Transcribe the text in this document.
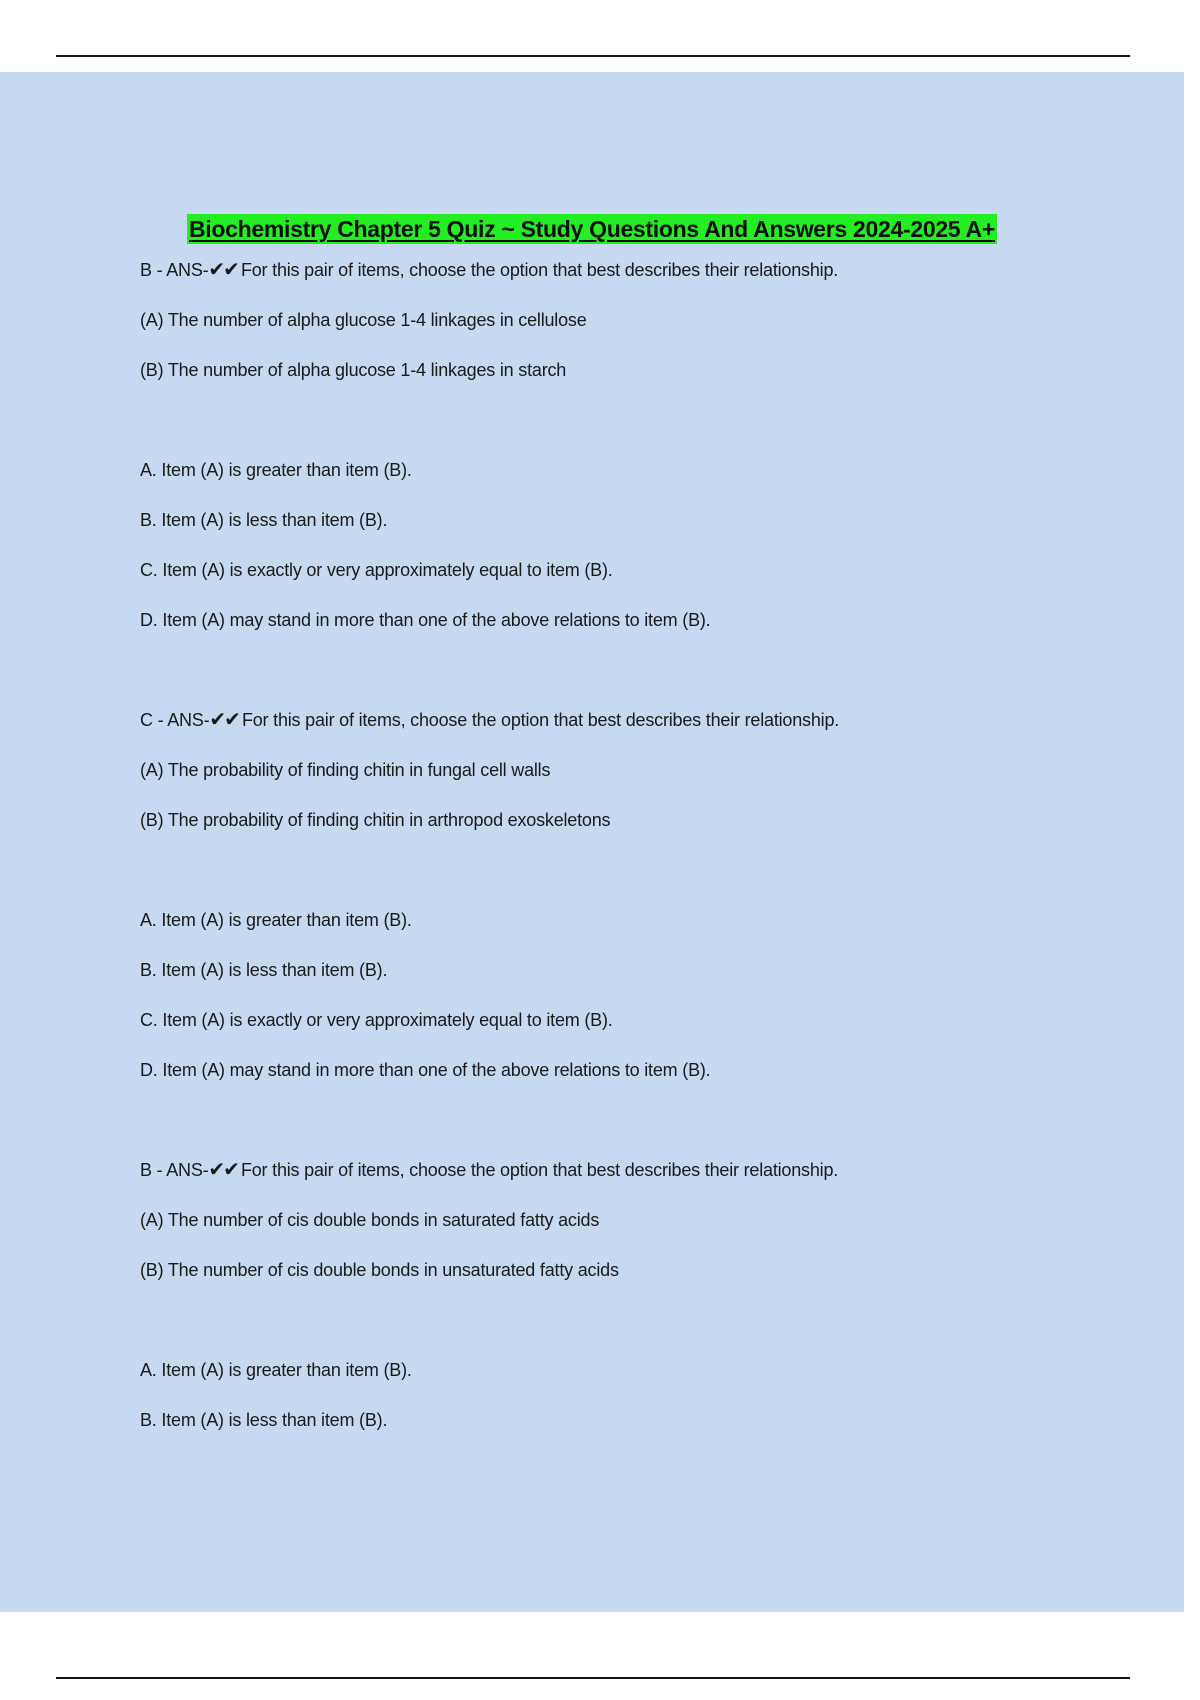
Biochemistry Chapter 5 Quiz ~ Study Questions And Answers 2024-2025 A+
B - ANS-✔✔ For this pair of items, choose the option that best describes their relationship.
(A) The number of alpha glucose 1-4 linkages in cellulose
(B) The number of alpha glucose 1-4 linkages in starch
A. Item (A) is greater than item (B).
B. Item (A) is less than item (B).
C. Item (A) is exactly or very approximately equal to item (B).
D. Item (A) may stand in more than one of the above relations to item (B).
C - ANS-✔✔ For this pair of items, choose the option that best describes their relationship.
(A) The probability of finding chitin in fungal cell walls
(B) The probability of finding chitin in arthropod exoskeletons
A. Item (A) is greater than item (B).
B. Item (A) is less than item (B).
C. Item (A) is exactly or very approximately equal to item (B).
D. Item (A) may stand in more than one of the above relations to item (B).
B - ANS-✔✔ For this pair of items, choose the option that best describes their relationship.
(A) The number of cis double bonds in saturated fatty acids
(B) The number of cis double bonds in unsaturated fatty acids
A. Item (A) is greater than item (B).
B. Item (A) is less than item (B).
